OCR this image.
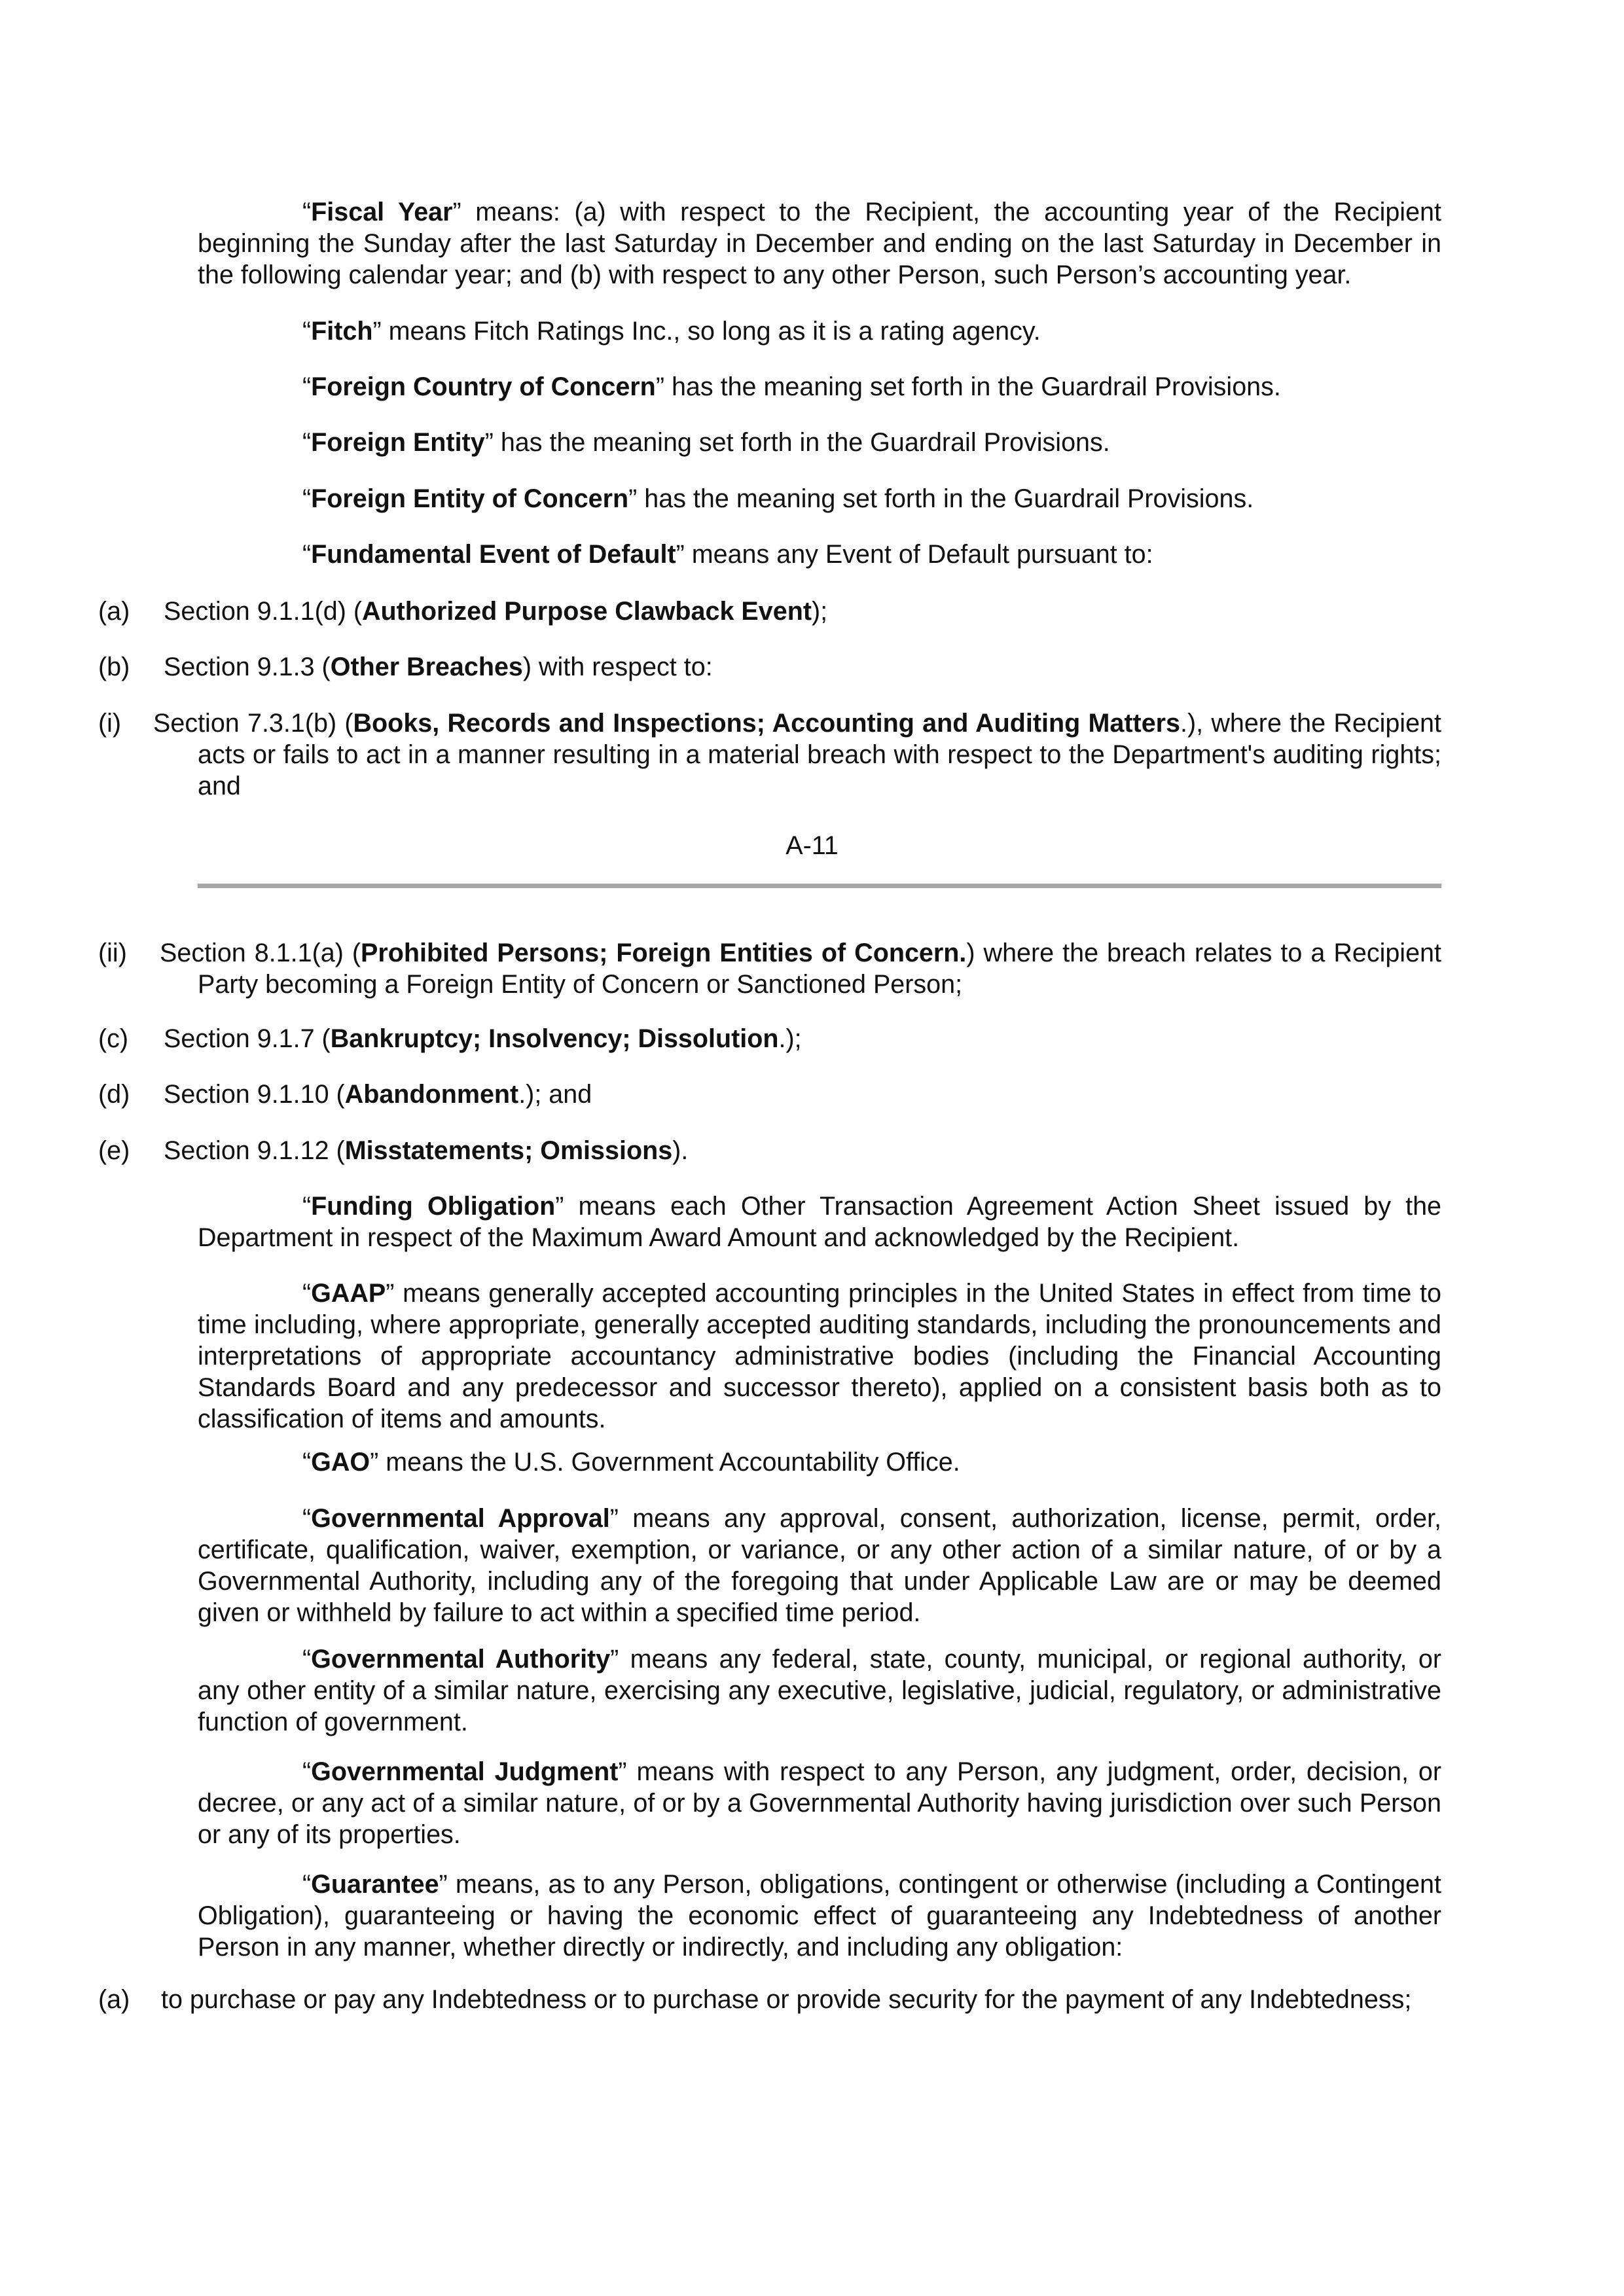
“Fiscal Year” means: (a) with respect to the Recipient, the accounting year of the Recipient beginning the Sunday after the last Saturday in December and ending on the last Saturday in December in the following calendar year; and (b) with respect to any other Person, such Person’s accounting year.

“Fitch” means Fitch Ratings Inc., so long as it is a rating agency.

“Foreign Country of Concern” has the meaning set forth in the Guardrail Provisions.

“Foreign Entity” has the meaning set forth in the Guardrail Provisions.

“Foreign Entity of Concern” has the meaning set forth in the Guardrail Provisions.

“Fundamental Event of Default” means any Event of Default pursuant to:

(a)	Section 9.1.1(d) (Authorized Purpose Clawback Event);
(b)	Section 9.1.3 (Other Breaches) with respect to:
(i) Section 7.3.1(b) (Books, Records and Inspections; Accounting and Auditing Matters.), where the Recipient acts or fails to act in a manner resulting in a material breach with respect to the Department's auditing rights; and

A-11
(ii) Section 8.1.1(a) (Prohibited Persons; Foreign Entities of Concern.) where the breach relates to a Recipient Party becoming a Foreign Entity of Concern or Sanctioned Person;

(c)	Section 9.1.7 (Bankruptcy; Insolvency; Dissolution.);
(d)	Section 9.1.10 (Abandonment.); and
(e)	Section 9.1.12 (Misstatements; Omissions).

“Funding Obligation” means each Other Transaction Agreement Action Sheet issued by the Department in respect of the Maximum Award Amount and acknowledged by the Recipient.

“GAAP” means generally accepted accounting principles in the United States in effect from time to time including, where appropriate, generally accepted auditing standards, including the pronouncements and interpretations of appropriate accountancy administrative bodies (including the Financial Accounting Standards Board and any predecessor and successor thereto), applied on a consistent basis both as to classification of items and amounts.

“GAO” means the U.S. Government Accountability Office.

“Governmental Approval” means any approval, consent, authorization, license, permit, order, certificate, qualification, waiver, exemption, or variance, or any other action of a similar nature, of or by a Governmental Authority, including any of the foregoing that under Applicable Law are or may be deemed given or withheld by failure to act within a specified time period.

“Governmental Authority” means any federal, state, county, municipal, or regional authority, or any other entity of a similar nature, exercising any executive, legislative, judicial, regulatory, or administrative function of government.

“Governmental Judgment” means with respect to any Person, any judgment, order, decision, or decree, or any act of a similar nature, of or by a Governmental Authority having jurisdiction over such Person or any of its properties.

“Guarantee” means, as to any Person, obligations, contingent or otherwise (including a Contingent Obligation), guaranteeing or having the economic effect of guaranteeing any Indebtedness of another Person in any manner, whether directly or indirectly, and including any obligation:

(a) to purchase or pay any Indebtedness or to purchase or provide security for the payment of any Indebtedness;
